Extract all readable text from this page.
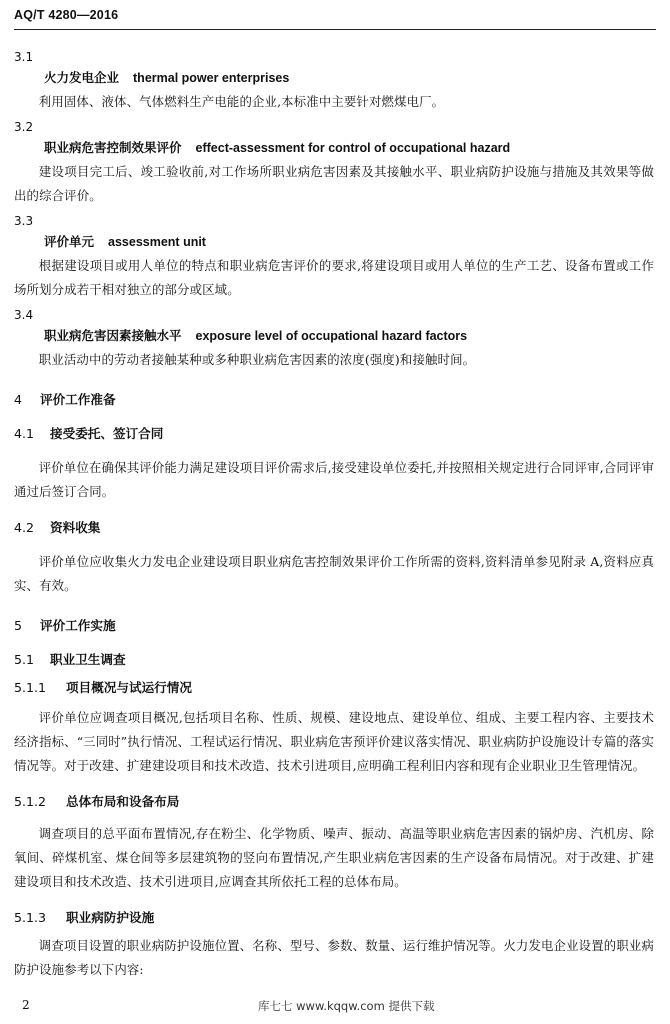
AQ/T 4280—2016
3.1
火力发电企业 thermal power enterprises

利用固体、液体、气体燃料生产电能的企业,本标准中主要针对燃煤电厂。

3.2
职业病危害控制效果评价 effect-assessment for control of occupational hazard

建设项目完工后、竣工验收前,对工作场所职业病危害因素及其接触水平、职业病防护设施与措施及其效果等做出的综合评价。

3.3
评价单元 assessment unit

根据建设项目或用人单位的特点和职业病危害评价的要求,将建设项目或用人单位的生产工艺、设备布置或工作场所划分成若干相对独立的部分或区域。

3.4
职业病危害因素接触水平 exposure level of occupational hazard factors

职业活动中的劳动者接触某种或多种职业病危害因素的浓度(强度)和接触时间。

4 评价工作准备
4.1 接受委托、签订合同

评价单位在确保其评价能力满足建设项目评价需求后,接受建设单位委托,并按照相关规定进行合同评审,合同评审通过后签订合同。

4.2 资料收集

评价单位应收集火力发电企业建设项目职业病危害控制效果评价工作所需的资料,资料清单参见附录 A,资料应真实、有效。

5 评价工作实施
5.1 职业卫生调查
5.1.1 项目概况与试运行情况

评价单位应调查项目概况,包括项目名称、性质、规模、建设地点、建设单位、组成、主要工程内容、主要技术经济指标、“三同时”执行情况、工程试运行情况、职业病危害预评价建议落实情况、职业病防护设施设计专篇的落实情况等。对于改建、扩建建设项目和技术改造、技术引进项目,应明确工程利旧内容和现有企业职业卫生管理情况。

5.1.2 总体布局和设备布局

调查项目的总平面布置情况,存在粉尘、化学物质、噪声、振动、高温等职业病危害因素的锅炉房、汽机房、除氧间、碎煤机室、煤仓间等多层建筑物的竖向布置情况,产生职业病危害因素的生产设备布局情况。对于改建、扩建建设项目和技术改造、技术引进项目,应调查其所依托工程的总体布局。

5.1.3 职业病防护设施

调查项目设置的职业病防护设施位置、名称、型号、参数、数量、运行维护情况等。火力发电企业设置的职业病防护设施参考以下内容:

2	库七七 www.kqqw.com 提供下载
